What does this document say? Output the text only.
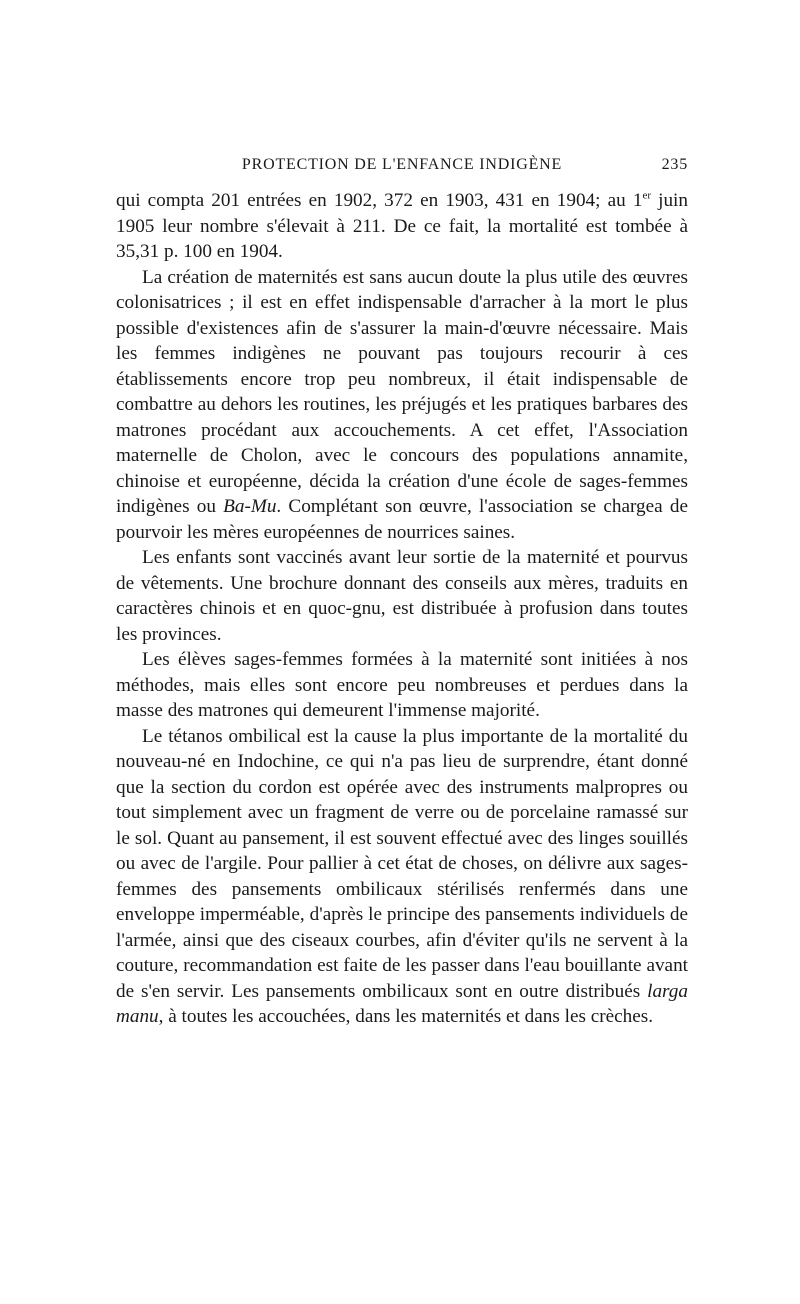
PROTECTION DE L'ENFANCE INDIGÈNE	235

qui compta 201 entrées en 1902, 372 en 1903, 431 en 1904; au 1er juin 1905 leur nombre s'élevait à 211. De ce fait, la mortalité est tombée à 35,31 p. 100 en 1904.

La création de maternités est sans aucun doute la plus utile des œuvres colonisatrices ; il est en effet indispensable d'arracher à la mort le plus possible d'existences afin de s'assurer la main-d'œuvre nécessaire. Mais les femmes indigènes ne pouvant pas toujours recourir à ces établissements encore trop peu nombreux, il était indispensable de combattre au dehors les routines, les préjugés et les pratiques barbares des matrones procédant aux accouchements. A cet effet, l'Association maternelle de Cholon, avec le concours des populations annamite, chinoise et européenne, décida la création d'une école de sages-femmes indigènes ou Ba-Mu. Complétant son œuvre, l'association se chargea de pourvoir les mères européennes de nourrices saines.

Les enfants sont vaccinés avant leur sortie de la maternité et pourvus de vêtements. Une brochure donnant des conseils aux mères, traduits en caractères chinois et en quoc-gnu, est distribuée à profusion dans toutes les provinces.

Les élèves sages-femmes formées à la maternité sont initiées à nos méthodes, mais elles sont encore peu nombreuses et perdues dans la masse des matrones qui demeurent l'immense majorité.

Le tétanos ombilical est la cause la plus importante de la mortalité du nouveau-né en Indochine, ce qui n'a pas lieu de surprendre, étant donné que la section du cordon est opérée avec des instruments malpropres ou tout simplement avec un fragment de verre ou de porcelaine ramassé sur le sol. Quant au pansement, il est souvent effectué avec des linges souillés ou avec de l'argile. Pour pallier à cet état de choses, on délivre aux sages-femmes des pansements ombilicaux stérilisés renfermés dans une enveloppe imperméable, d'après le principe des pansements individuels de l'armée, ainsi que des ciseaux courbes, afin d'éviter qu'ils ne servent à la couture, recommandation est faite de les passer dans l'eau bouillante avant de s'en servir. Les pansements ombilicaux sont en outre distribués larga manu, à toutes les accouchées, dans les maternités et dans les crèches.
